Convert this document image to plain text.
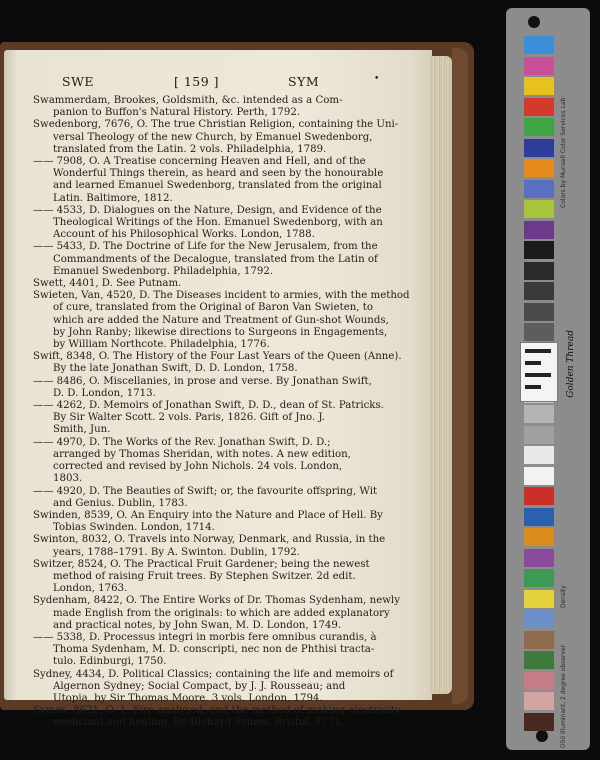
SWE	[ 159 ]	SYM	•

Swammerdam, Brookes, Goldsmith, &c. intended as a Com-

panion to Buffon's Natural History. Perth, 1792.

Swedenborg, 7676, O. The true Christian Religion, containing the Uni-

versal Theology of the new Church, by Emanuel Swedenborg,

translated from the Latin. 2 vols. Philadelphia, 1789.

—— 7908, O. A Treatise concerning Heaven and Hell, and of the

Wonderful Things therein, as heard and seen by the honourable

and learned Emanuel Swedenborg, translated from the original

Latin. Baltimore, 1812.

—— 4533, D. Dialogues on the Nature, Design, and Evidence of the

Theological Writings of the Hon. Emanuel Swedenborg, with an

Account of his Philosophical Works. London, 1788.

—— 5433, D. The Doctrine of Life for the New Jerusalem, from the

Commandments of the Decalogue, translated from the Latin of

Emanuel Swedenborg. Philadelphia, 1792.

Swett, 4401, D. See Putnam.

Swieten, Van, 4520, D. The Diseases incident to armies, with the method

of cure, translated from the Original of Baron Van Swieten, to

which are added the Nature and Treatment of Gun-shot Wounds,

by John Ranby; likewise directions to Surgeons in Engagements,

by William Northcote. Philadelphia, 1776.

Swift, 8348, O. The History of the Four Last Years of the Queen (Anne).

By the late Jonathan Swift, D. D. London, 1758.

—— 8486, O. Miscellanies, in prose and verse. By Jonathan Swift,

D. D. London, 1713.

—— 4262, D. Memoirs of Jonathan Swift, D. D., dean of St. Patricks.

By Sir Walter Scott. 2 vols. Paris, 1826. Gift of Jno. J.

Smith, Jun.

—— 4970, D. The Works of the Rev. Jonathan Swift, D. D.;

arranged by Thomas Sheridan, with notes. A new edition,

corrected and revised by John Nichols. 24 vols. London,

1803.

—— 4920, D. The Beauties of Swift; or, the favourite offspring, Wit

and Genius. Dublin, 1783.

Swinden, 8539, O. An Enquiry into the Nature and Place of Hell. By

Tobias Swinden. London, 1714.

Swinton, 8032, O. Travels into Norway, Denmark, and Russia, in the

years, 1788–1791. By A. Swinton. Dublin, 1792.

Switzer, 8524, O. The Practical Fruit Gardener; being the newest

method of raising Fruit trees. By Stephen Switzer. 2d edit.

London, 1763.

Sydenham, 8422, O. The Entire Works of Dr. Thomas Sydenham, newly

made English from the originals: to which are added explanatory

and practical notes, by John Swan, M. D. London, 1749.

—— 5338, D. Processus integri in morbis fere omnibus curandis, à

Thoma Sydenham, M. D. conscripti, nec non de Phthisi tracta-

tulo. Edinburgi, 1750.

Sydney, 4434, D. Political Classics; containing the life and memoirs of

Algernon Sydney; Social Compact, by J. J. Rousseau; and

Utopia, by Sir Thomas Moore. 3 vols. London, 1794.

Symes, 8621, O. 1. Fire analysed; and the method of making electricity

medicinal and healing. By Richard Symes. Bristol, 1771.

Colors by Munsell Color Services Lab
Density
D50 Illuminant, 2 degree observer
Golden Thread
